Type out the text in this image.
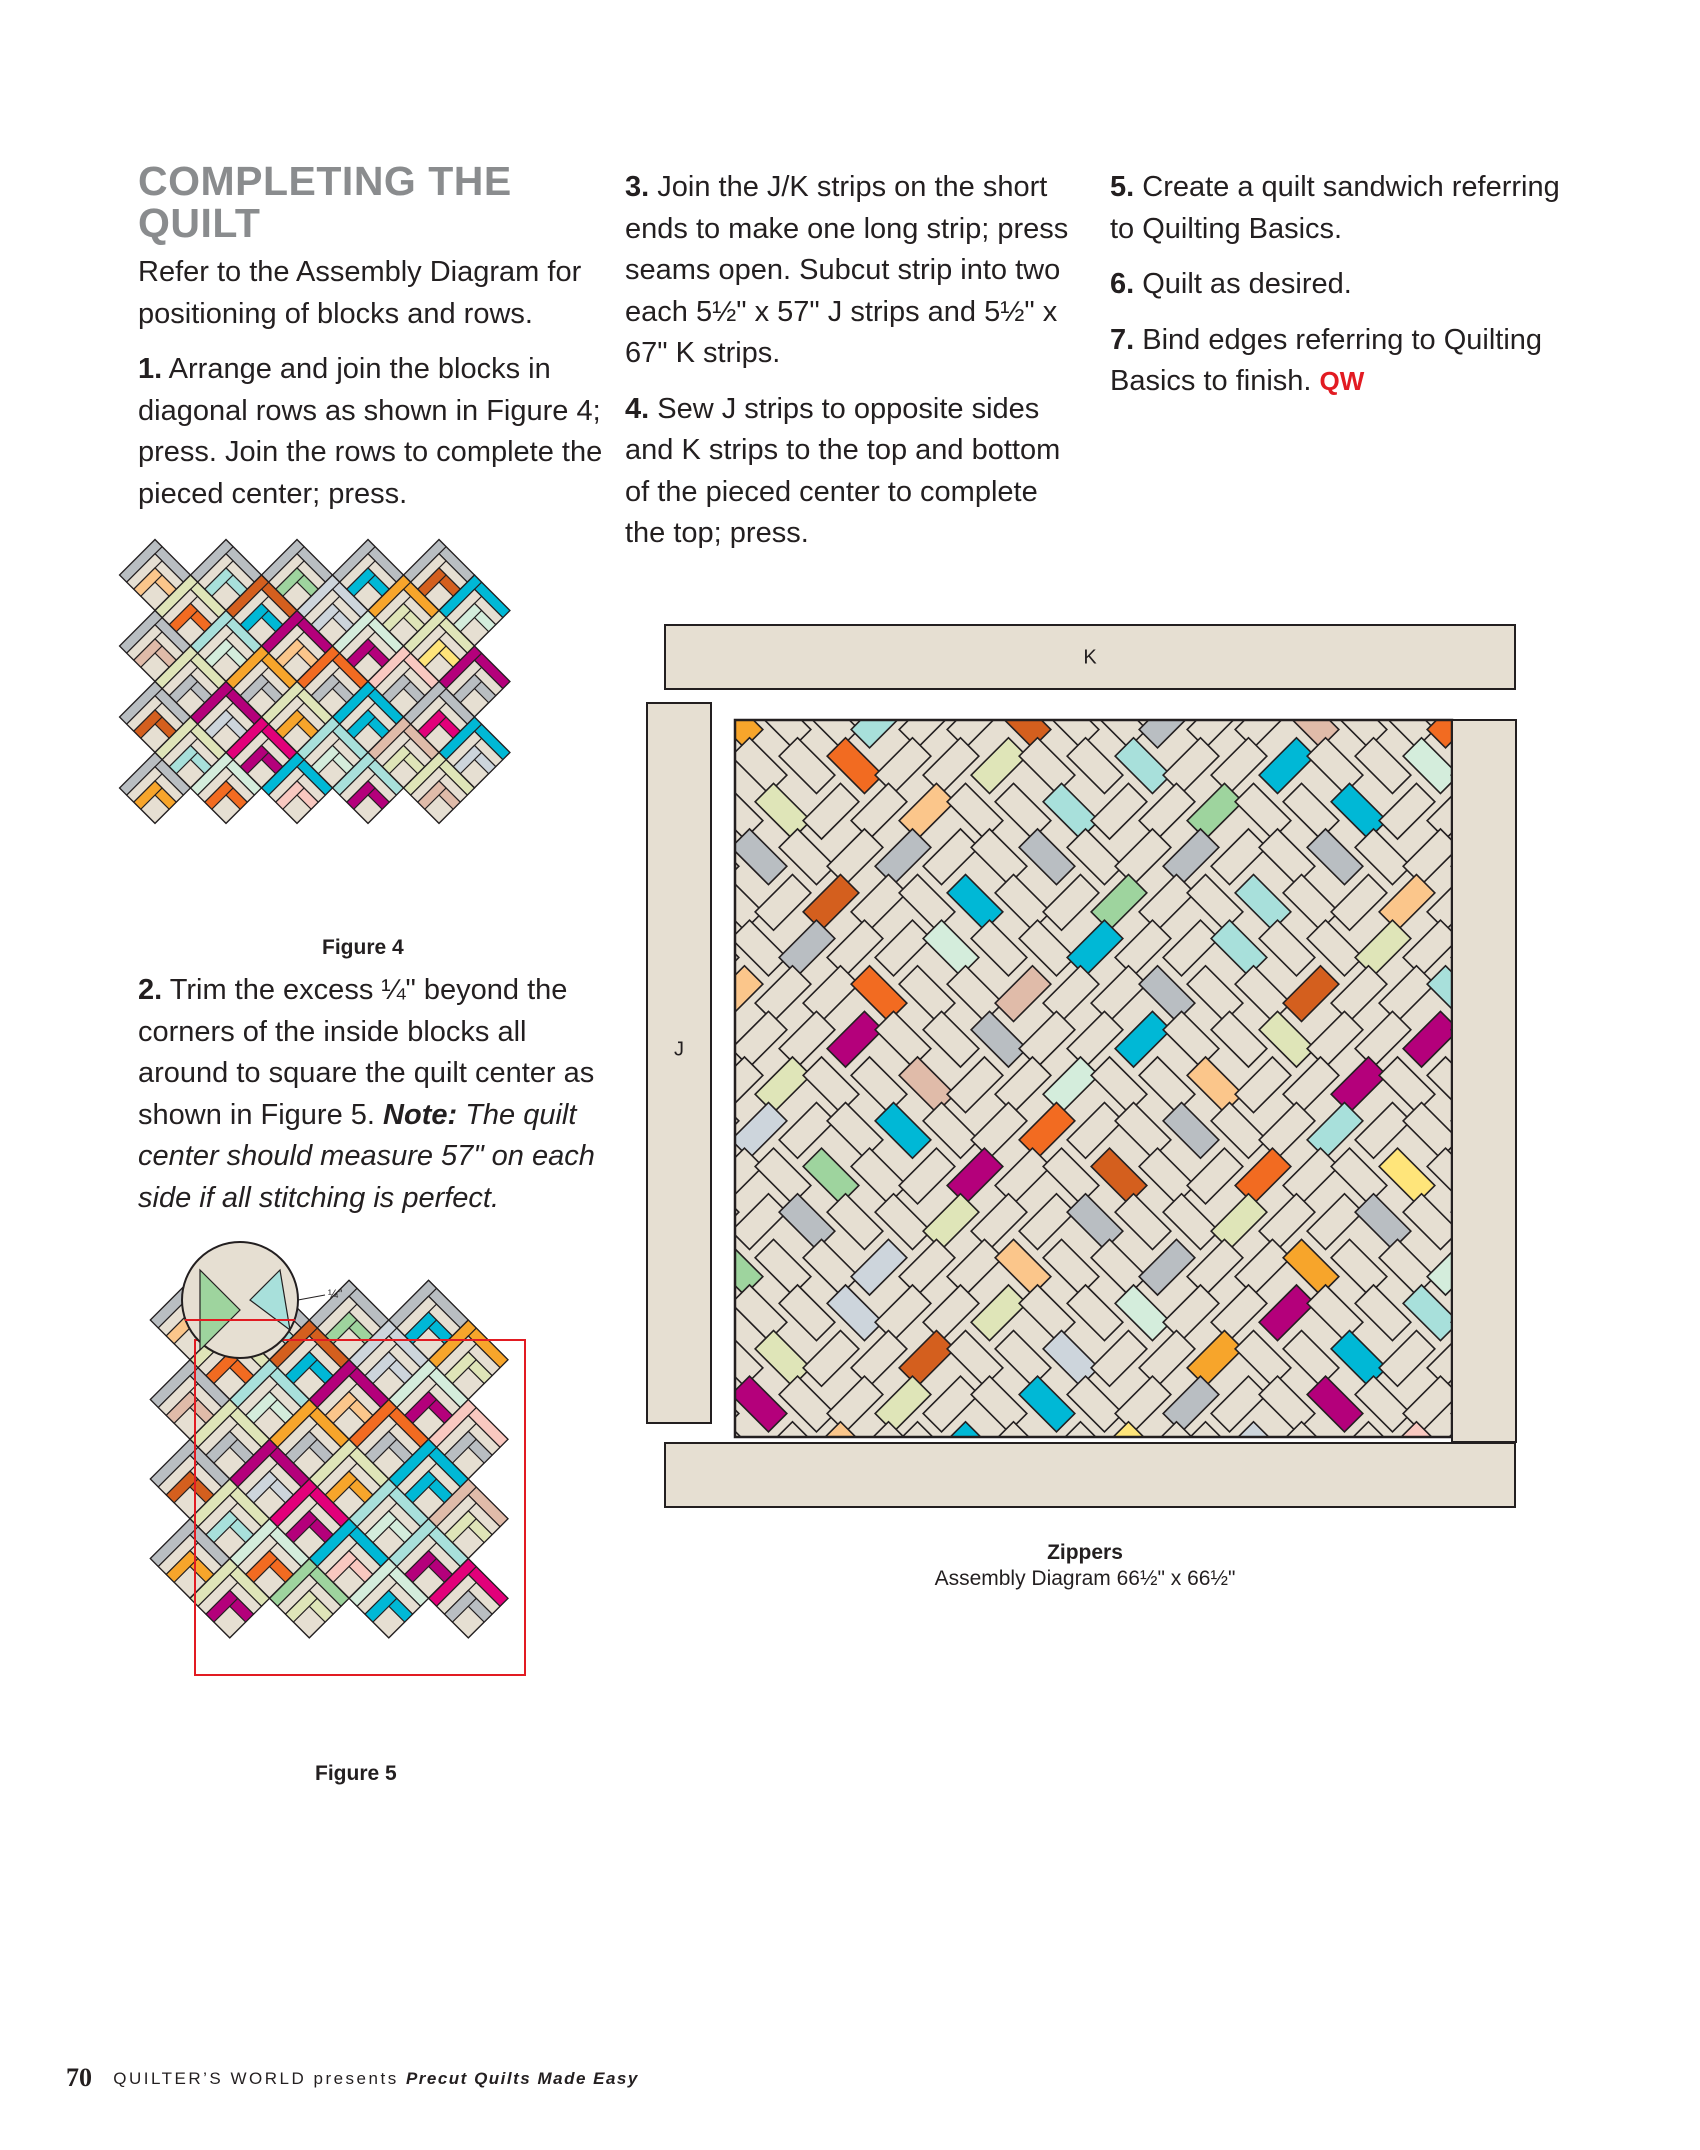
COMPLETING THE QUILT

Refer to the Assembly Diagram for positioning of blocks and rows.

1. Arrange and join the blocks in diagonal rows as shown in Figure 4; press. Join the rows to complete the pieced center; press.

2. Trim the excess ¼" beyond the corners of the inside blocks all around to square the quilt center as shown in Figure 5. Note: The quilt center should measure 57" on each side if all stitching is perfect.

3. Join the J/K strips on the short ends to make one long strip; press seams open. Subcut strip into two each 5½" x 57" J strips and 5½" x 67" K strips.

4. Sew J strips to opposite sides and K strips to the top and bottom of the pieced center to complete the top; press.

5. Create a quilt sandwich referring to Quilting Basics.

6. Quilt as desired.

7. Bind edges referring to Quilting Basics to finish. QW

Figure 4
¼"
Figure 5
K
J
Zippers
Assembly Diagram 66½" x 66½"
70 QUILTER’S WORLD presents Precut Quilts Made Easy
